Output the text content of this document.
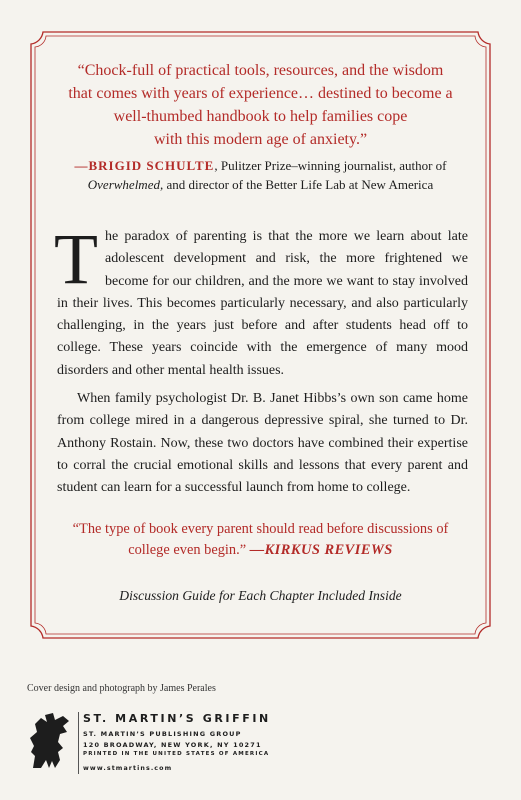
“Chock-full of practical tools, resources, and the wisdom
that comes with years of experience… destined to become a
well-thumbed handbook to help families cope
with this modern age of anxiety.”
—BRIGID SCHULTE, Pulitzer Prize–winning journalist, author of
Overwhelmed, and director of the Better Life Lab at New America
T he paradox of parenting is that the more we learn about late adolescent development and risk, the more frightened we become for our children, and the more we want to stay involved in their lives. This becomes particularly necessary, and also particularly challenging, in the years just before and after students head off to college. These years coincide with the emergence of many mood disorders and other mental health issues.

When family psychologist Dr. B. Janet Hibbs’s own son came home from college mired in a dangerous depressive spiral, she turned to Dr. Anthony Rostain. Now, these two doctors have combined their expertise to corral the crucial emotional skills and lessons that every parent and student can learn for a successful launch from home to college.

“The type of book every parent should read before discussions of
college even begin.” —KIRKUS REVIEWS
Discussion Guide for Each Chapter Included Inside
Cover design and photograph by James Perales
ST. MARTIN’S GRIFFIN
ST. MARTIN’S PUBLISHING GROUP
120 BROADWAY, NEW YORK, NY 10271
PRINTED IN THE UNITED STATES OF AMERICA
www.stmartins.com
